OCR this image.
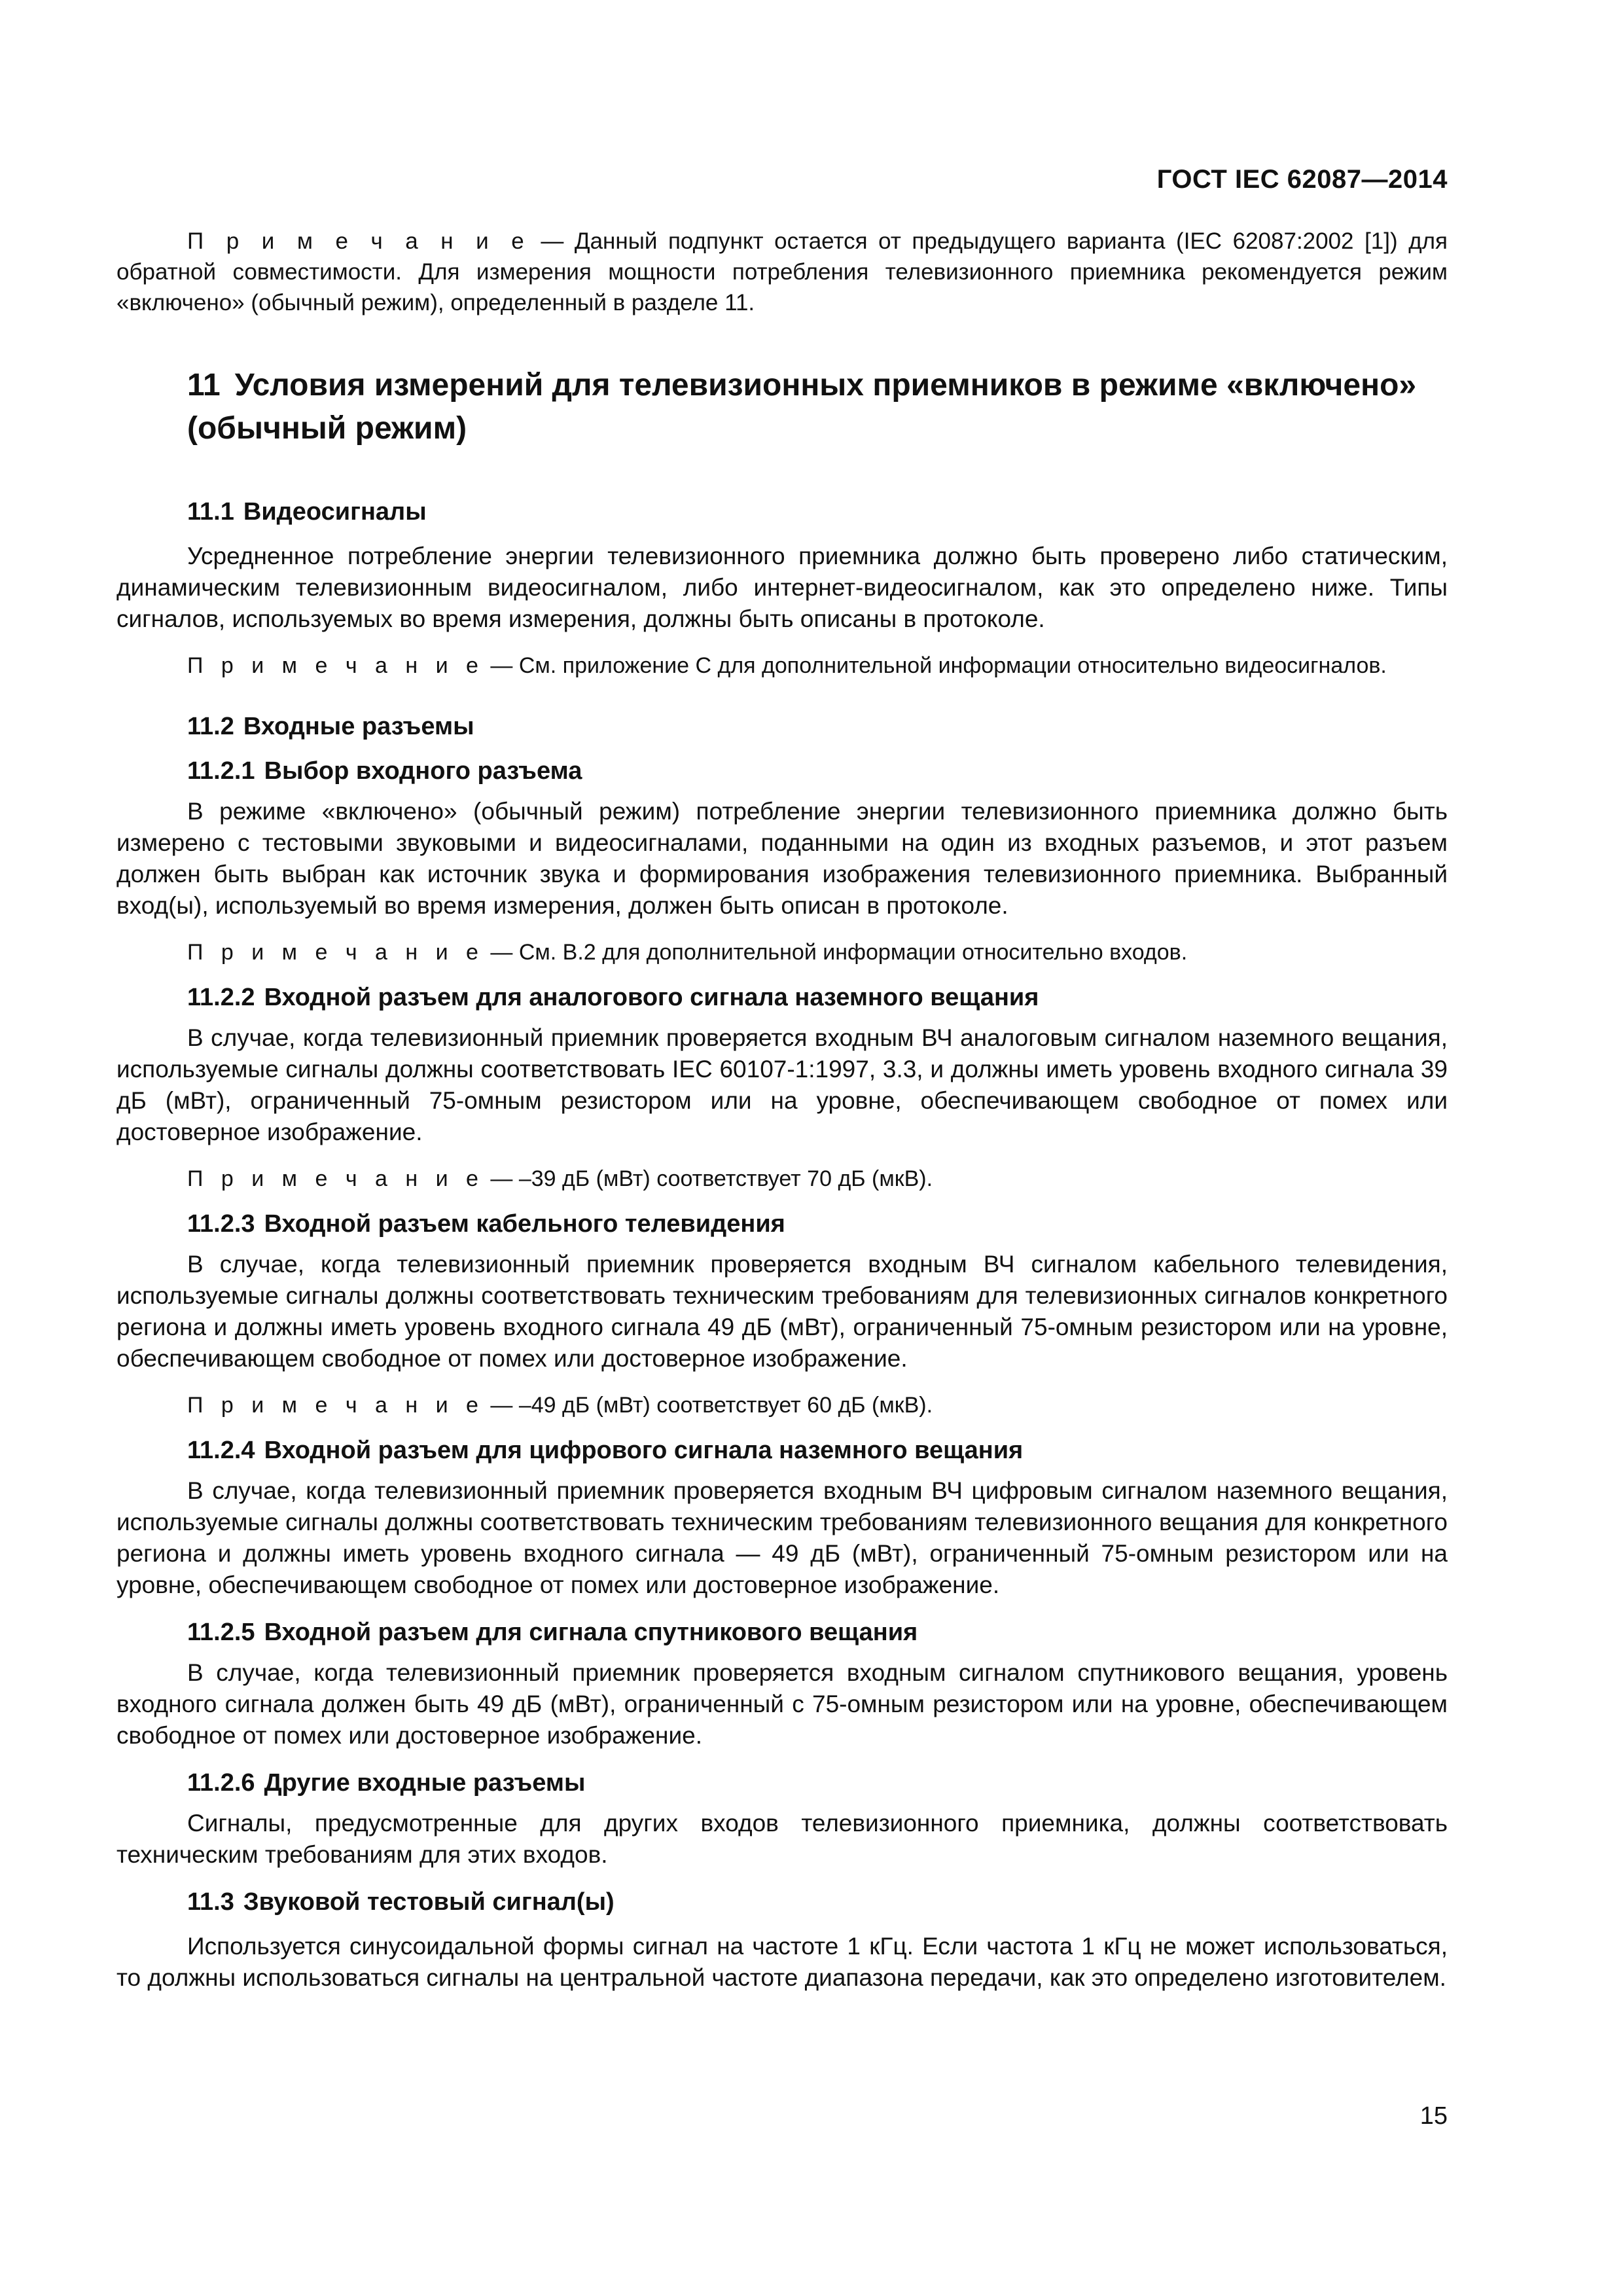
ГОСТ IEC 62087—2014

П р и м е ч а н и е — Данный подпункт остается от предыдущего варианта (IEC 62087:2002 [1]) для обратной совместимости. Для измерения мощности потребления телевизионного приемника рекомендуется режим «включено» (обычный режим), определенный в разделе 11.

11 Условия измерений для телевизионных приемников в режиме «включено» (обычный режим)
11.1 Видеосигналы

Усредненное потребление энергии телевизионного приемника должно быть проверено либо статическим, динамическим телевизионным видеосигналом, либо интернет-видеосигналом, как это определено ниже. Типы сигналов, используемых во время измерения, должны быть описаны в протоколе.

П р и м е ч а н и е — См. приложение С для дополнительной информации относительно видеосигналов.

11.2 Входные разъемы
11.2.1 Выбор входного разъема

В режиме «включено» (обычный режим) потребление энергии телевизионного приемника должно быть измерено с тестовыми звуковыми и видеосигналами, поданными на один из входных разъемов, и этот разъем должен быть выбран как источник звука и формирования изображения телевизионного приемника. Выбранный вход(ы), используемый во время измерения, должен быть описан в протоколе.

П р и м е ч а н и е — См. В.2 для дополнительной информации относительно входов.

11.2.2 Входной разъем для аналогового сигнала наземного вещания

В случае, когда телевизионный приемник проверяется входным ВЧ аналоговым сигналом наземного вещания, используемые сигналы должны соответствовать IEC 60107-1:1997, 3.3, и должны иметь уровень входного сигнала 39 дБ (мВт), ограниченный 75-омным резистором или на уровне, обеспечивающем свободное от помех или достоверное изображение.

П р и м е ч а н и е — –39 дБ (мВт) соответствует 70 дБ (мкВ).

11.2.3 Входной разъем кабельного телевидения

В случае, когда телевизионный приемник проверяется входным ВЧ сигналом кабельного телевидения, используемые сигналы должны соответствовать техническим требованиям для телевизионных сигналов конкретного региона и должны иметь уровень входного сигнала 49 дБ (мВт), ограниченный 75-омным резистором или на уровне, обеспечивающем свободное от помех или достоверное изображение.

П р и м е ч а н и е — –49 дБ (мВт) соответствует 60 дБ (мкВ).

11.2.4 Входной разъем для цифрового сигнала наземного вещания

В случае, когда телевизионный приемник проверяется входным ВЧ цифровым сигналом наземного вещания, используемые сигналы должны соответствовать техническим требованиям телевизионного вещания для конкретного региона и должны иметь уровень входного сигнала — 49 дБ (мВт), ограниченный 75-омным резистором или на уровне, обеспечивающем свободное от помех или достоверное изображение.

11.2.5 Входной разъем для сигнала спутникового вещания

В случае, когда телевизионный приемник проверяется входным сигналом спутникового вещания, уровень входного сигнала должен быть 49 дБ (мВт), ограниченный с 75-омным резистором или на уровне, обеспечивающем свободное от помех или достоверное изображение.

11.2.6 Другие входные разъемы

Сигналы, предусмотренные для других входов телевизионного приемника, должны соответствовать техническим требованиям для этих входов.

11.3 Звуковой тестовый сигнал(ы)

Используется синусоидальной формы сигнал на частоте 1 кГц. Если частота 1 кГц не может использоваться, то должны использоваться сигналы на центральной частоте диапазона передачи, как это определено изготовителем.

15
